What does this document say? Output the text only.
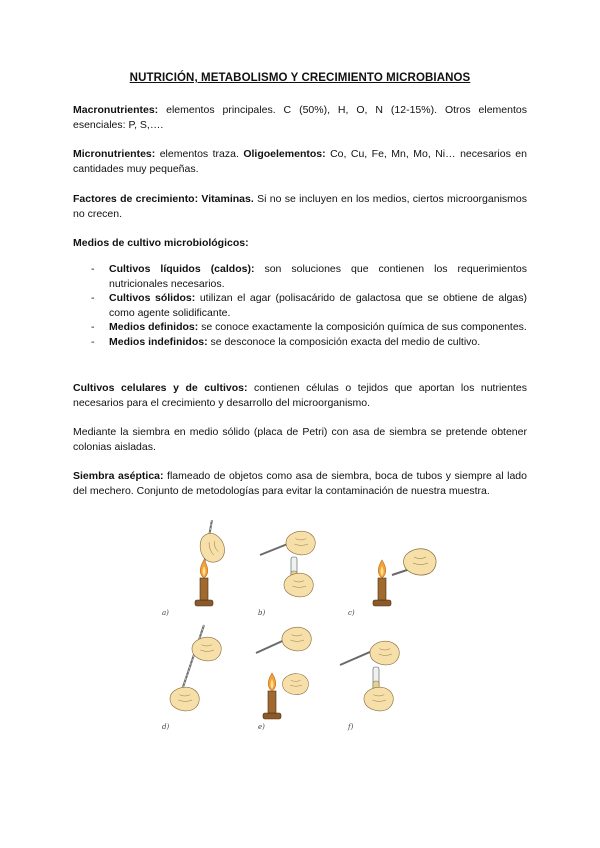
NUTRICIÓN, METABOLISMO Y CRECIMIENTO MICROBIANOS

Macronutrientes: elementos principales. C (50%), H, O, N (12-15%). Otros elementos esenciales: P, S,….

Micronutrientes: elementos traza. Oligoelementos: Co, Cu, Fe, Mn, Mo, Ni… necesarios en cantidades muy pequeñas.

Factores de crecimiento: Vitaminas. Si no se incluyen en los medios, ciertos microorganismos no crecen.

Medios de cultivo microbiológicos:

- Cultivos líquidos (caldos): son soluciones que contienen los requerimientos nutricionales necesarios.
- Cultivos sólidos: utilizan el agar (polisacárido de galactosa que se obtiene de algas) como agente solidificante.
- Medios definidos: se conoce exactamente la composición química de sus componentes.
- Medios indefinidos: se desconoce la composición exacta del medio de cultivo.

Cultivos celulares y de cultivos: contienen células o tejidos que aportan los nutrientes necesarios para el crecimiento y desarrollo del microorganismo.

Mediante la siembra en medio sólido (placa de Petri) con asa de siembra se pretende obtener colonias aisladas.

Siembra aséptica: flameado de objetos como asa de siembra, boca de tubos y siempre al lado del mechero. Conjunto de metodologías para evitar la contaminación de nuestra muestra.

a)	b)	c)
d)	e)	f)
